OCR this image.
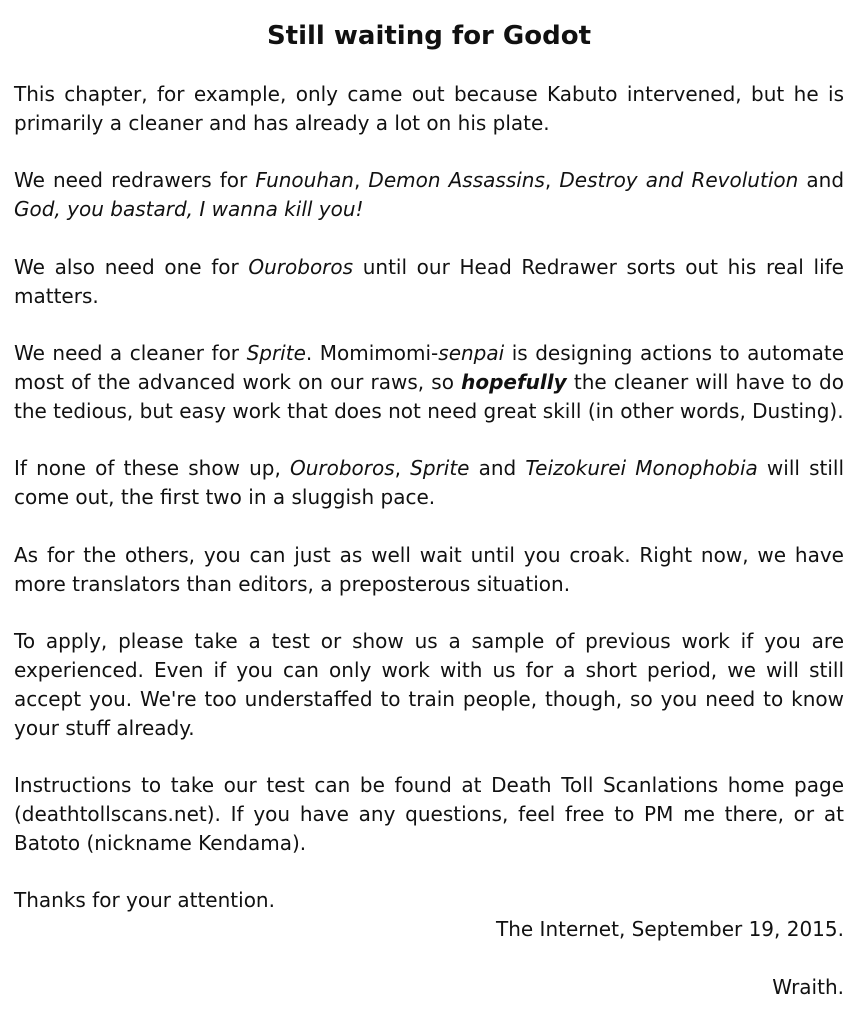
Still waiting for Godot

This chapter, for example, only came out because Kabuto intervened, but he is primarily a cleaner and has already a lot on his plate.

We need redrawers for Funouhan, Demon Assassins, Destroy and Revolution and God, you bastard, I wanna kill you!

We also need one for Ouroboros until our Head Redrawer sorts out his real life matters.

We need a cleaner for Sprite. Momimomi-senpai is designing actions to automate most of the advanced work on our raws, so hopefully the cleaner will have to do the tedious, but easy work that does not need great skill (in other words, Dusting).

If none of these show up, Ouroboros, Sprite and Teizokurei Monophobia will still come out, the first two in a sluggish pace.

As for the others, you can just as well wait until you croak. Right now, we have more translators than editors, a preposterous situation.

To apply, please take a test or show us a sample of previous work if you are experienced. Even if you can only work with us for a short period, we will still accept you. We're too understaffed to train people, though, so you need to know your stuff already.

Instructions to take our test can be found at Death Toll Scanlations home page (deathtollscans.net). If you have any questions, feel free to PM me there, or at Batoto (nickname Kendama).

Thanks for your attention.

The Internet, September 19, 2015.
Wraith.
